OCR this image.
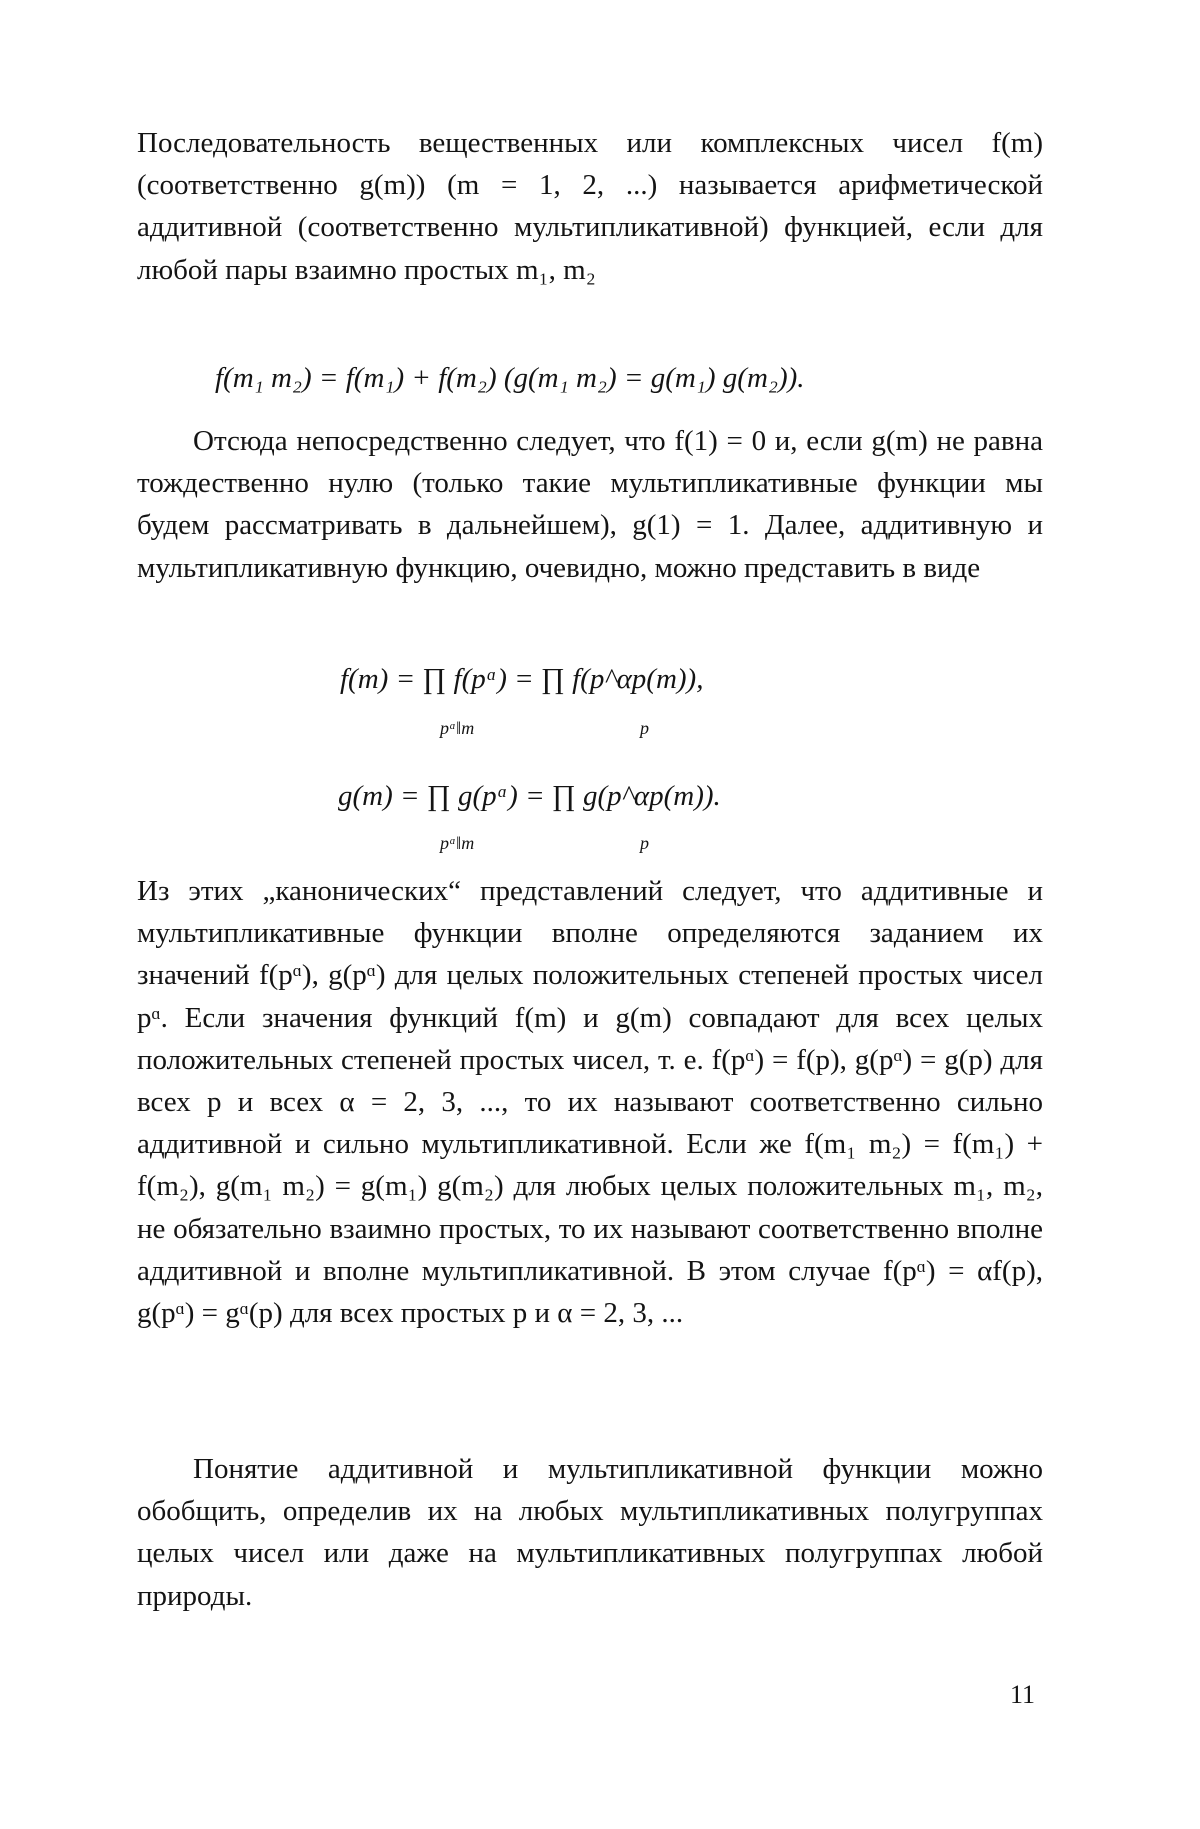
Последовательность вещественных или комплексных чисел f(m) (соответственно g(m)) (m = 1, 2, ...) называется арифметической аддитивной (соответственно мультипликативной) функцией, если для любой пары взаимно простых m₁, m₂

f(m₁ m₂) = f(m₁) + f(m₂) (g(m₁ m₂) = g(m₁) g(m₂)).

Отсюда непосредственно следует, что f(1) = 0 и, если g(m) не равна тождественно нулю (только такие мультипликативные функции мы будем рассматривать в дальнейшем), g(1) = 1. Далее, аддитивную и мультипликативную функцию, очевидно, можно представить в виде

f(m) = ∏ f(pᵅ) = ∏ f(p^αp(m)),

pᵅ‖m	p

g(m) = ∏ g(pᵅ) = ∏ g(p^αp(m)).

pᵅ‖m	p

Из этих „канонических“ представлений следует, что аддитивные и мультипликативные функции вполне определяются заданием их значений f(pᵅ), g(pᵅ) для целых положительных степеней простых чисел pᵅ. Если значения функций f(m) и g(m) совпадают для всех целых положительных степеней простых чисел, т. е. f(pᵅ) = f(p), g(pᵅ) = g(p) для всех p и всех α = 2, 3, ..., то их называют соответственно сильно аддитивной и сильно мультипликативной. Если же f(m₁ m₂) = f(m₁) + f(m₂), g(m₁ m₂) = g(m₁) g(m₂) для любых целых положительных m₁, m₂, не обязательно взаимно простых, то их называют соответственно вполне аддитивной и вполне мультипликативной. В этом случае f(pᵅ) = αf(p), g(pᵅ) = gᵅ(p) для всех простых p и α = 2, 3, ...

Понятие аддитивной и мультипликативной функции можно обобщить, определив их на любых мультипликативных полугруппах целых чисел или даже на мультипликативных полугруппах любой природы.

11
